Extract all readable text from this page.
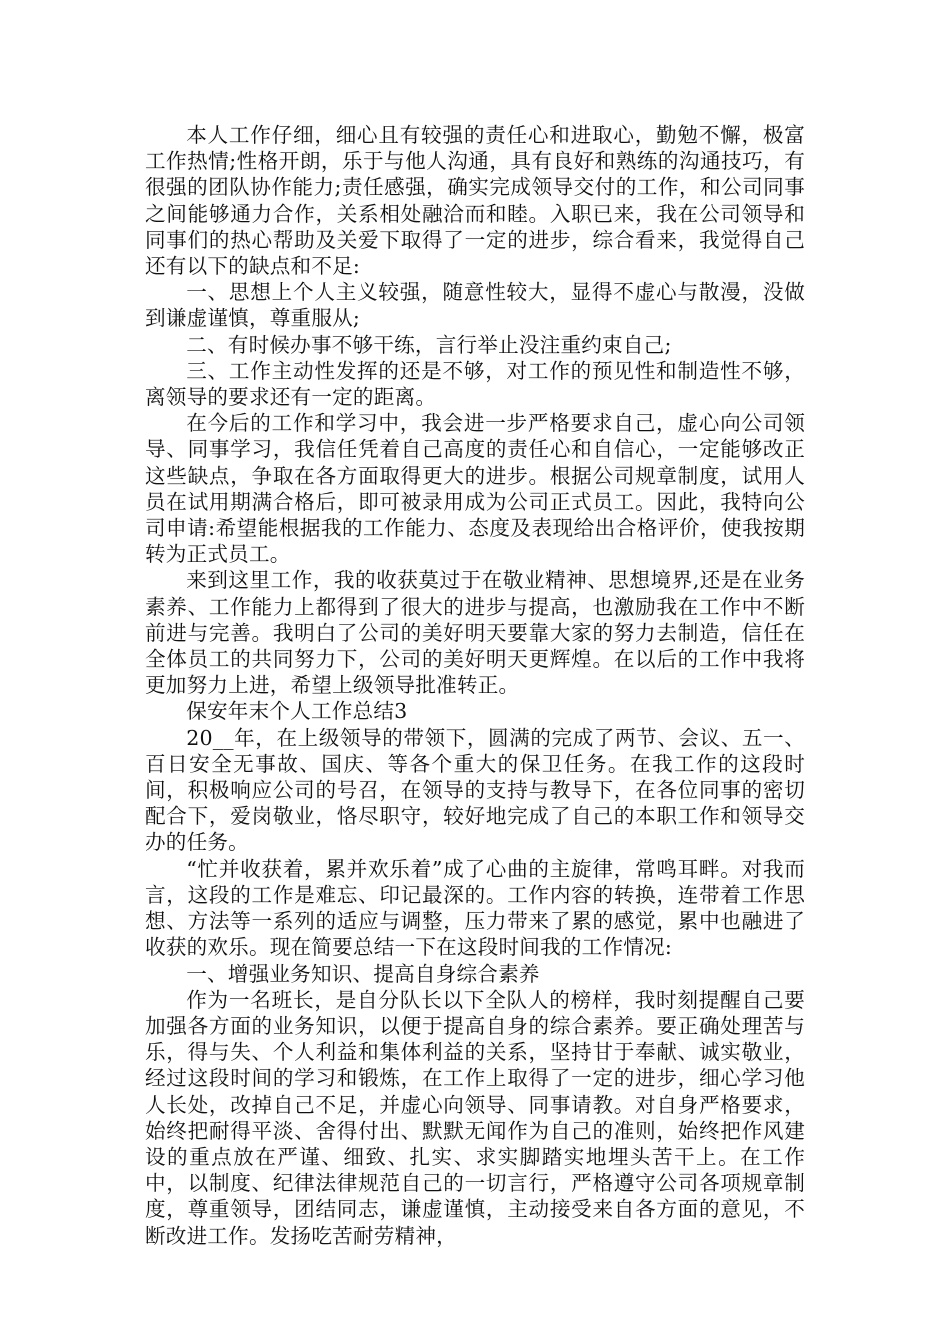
本人工作仔细，细心且有较强的责任心和进取心，勤勉不懈，极富工作热情;性格开朗，乐于与他人沟通，具有良好和熟练的沟通技巧，有很强的团队协作能力;责任感强，确实完成领导交付的工作，和公司同事之间能够通力合作，关系相处融洽而和睦。入职已来，我在公司领导和同事们的热心帮助及关爱下取得了一定的进步，综合看来，我觉得自己还有以下的缺点和不足:

一、思想上个人主义较强，随意性较大，显得不虚心与散漫，没做到谦虚谨慎，尊重服从;

二、有时候办事不够干练，言行举止没注重约束自己;

三、工作主动性发挥的还是不够，对工作的预见性和制造性不够，离领导的要求还有一定的距离。

在今后的工作和学习中，我会进一步严格要求自己，虚心向公司领导、同事学习，我信任凭着自己高度的责任心和自信心，一定能够改正这些缺点，争取在各方面取得更大的进步。根据公司规章制度，试用人员在试用期满合格后，即可被录用成为公司正式员工。因此，我特向公司申请:希望能根据我的工作能力、态度及表现给出合格评价，使我按期转为正式员工。

来到这里工作，我的收获莫过于在敬业精神、思想境界,还是在业务素养、工作能力上都得到了很大的进步与提高，也激励我在工作中不断前进与完善。我明白了公司的美好明天要靠大家的努力去制造，信任在全体员工的共同努力下，公司的美好明天更辉煌。在以后的工作中我将更加努力上进，希望上级领导批准转正。

保安年末个人工作总结3

20__年，在上级领导的带领下，圆满的完成了两节、会议、五一、百日安全无事故、国庆、等各个重大的保卫任务。在我工作的这段时间，积极响应公司的号召，在领导的支持与教导下，在各位同事的密切配合下，爱岗敬业，恪尽职守，较好地完成了自己的本职工作和领导交办的任务。

“忙并收获着，累并欢乐着”成了心曲的主旋律，常鸣耳畔。对我而言，这段的工作是难忘、印记最深的。工作内容的转换，连带着工作思想、方法等一系列的适应与调整，压力带来了累的感觉，累中也融进了收获的欢乐。现在简要总结一下在这段时间我的工作情况:

一、增强业务知识、提高自身综合素养

作为一名班长，是自分队长以下全队人的榜样，我时刻提醒自己要加强各方面的业务知识，以便于提高自身的综合素养。要正确处理苦与乐，得与失、个人利益和集体利益的关系，坚持甘于奉献、诚实敬业，经过这段时间的学习和锻炼，在工作上取得了一定的进步，细心学习他人长处，改掉自己不足，并虚心向领导、同事请教。对自身严格要求，始终把耐得平淡、舍得付出、默默无闻作为自己的准则，始终把作风建设的重点放在严谨、细致、扎实、求实脚踏实地埋头苦干上。在工作中，以制度、纪律法律规范自己的一切言行，严格遵守公司各项规章制度，尊重领导，团结同志，谦虚谨慎，主动接受来自各方面的意见，不断改进工作。发扬吃苦耐劳精神，
